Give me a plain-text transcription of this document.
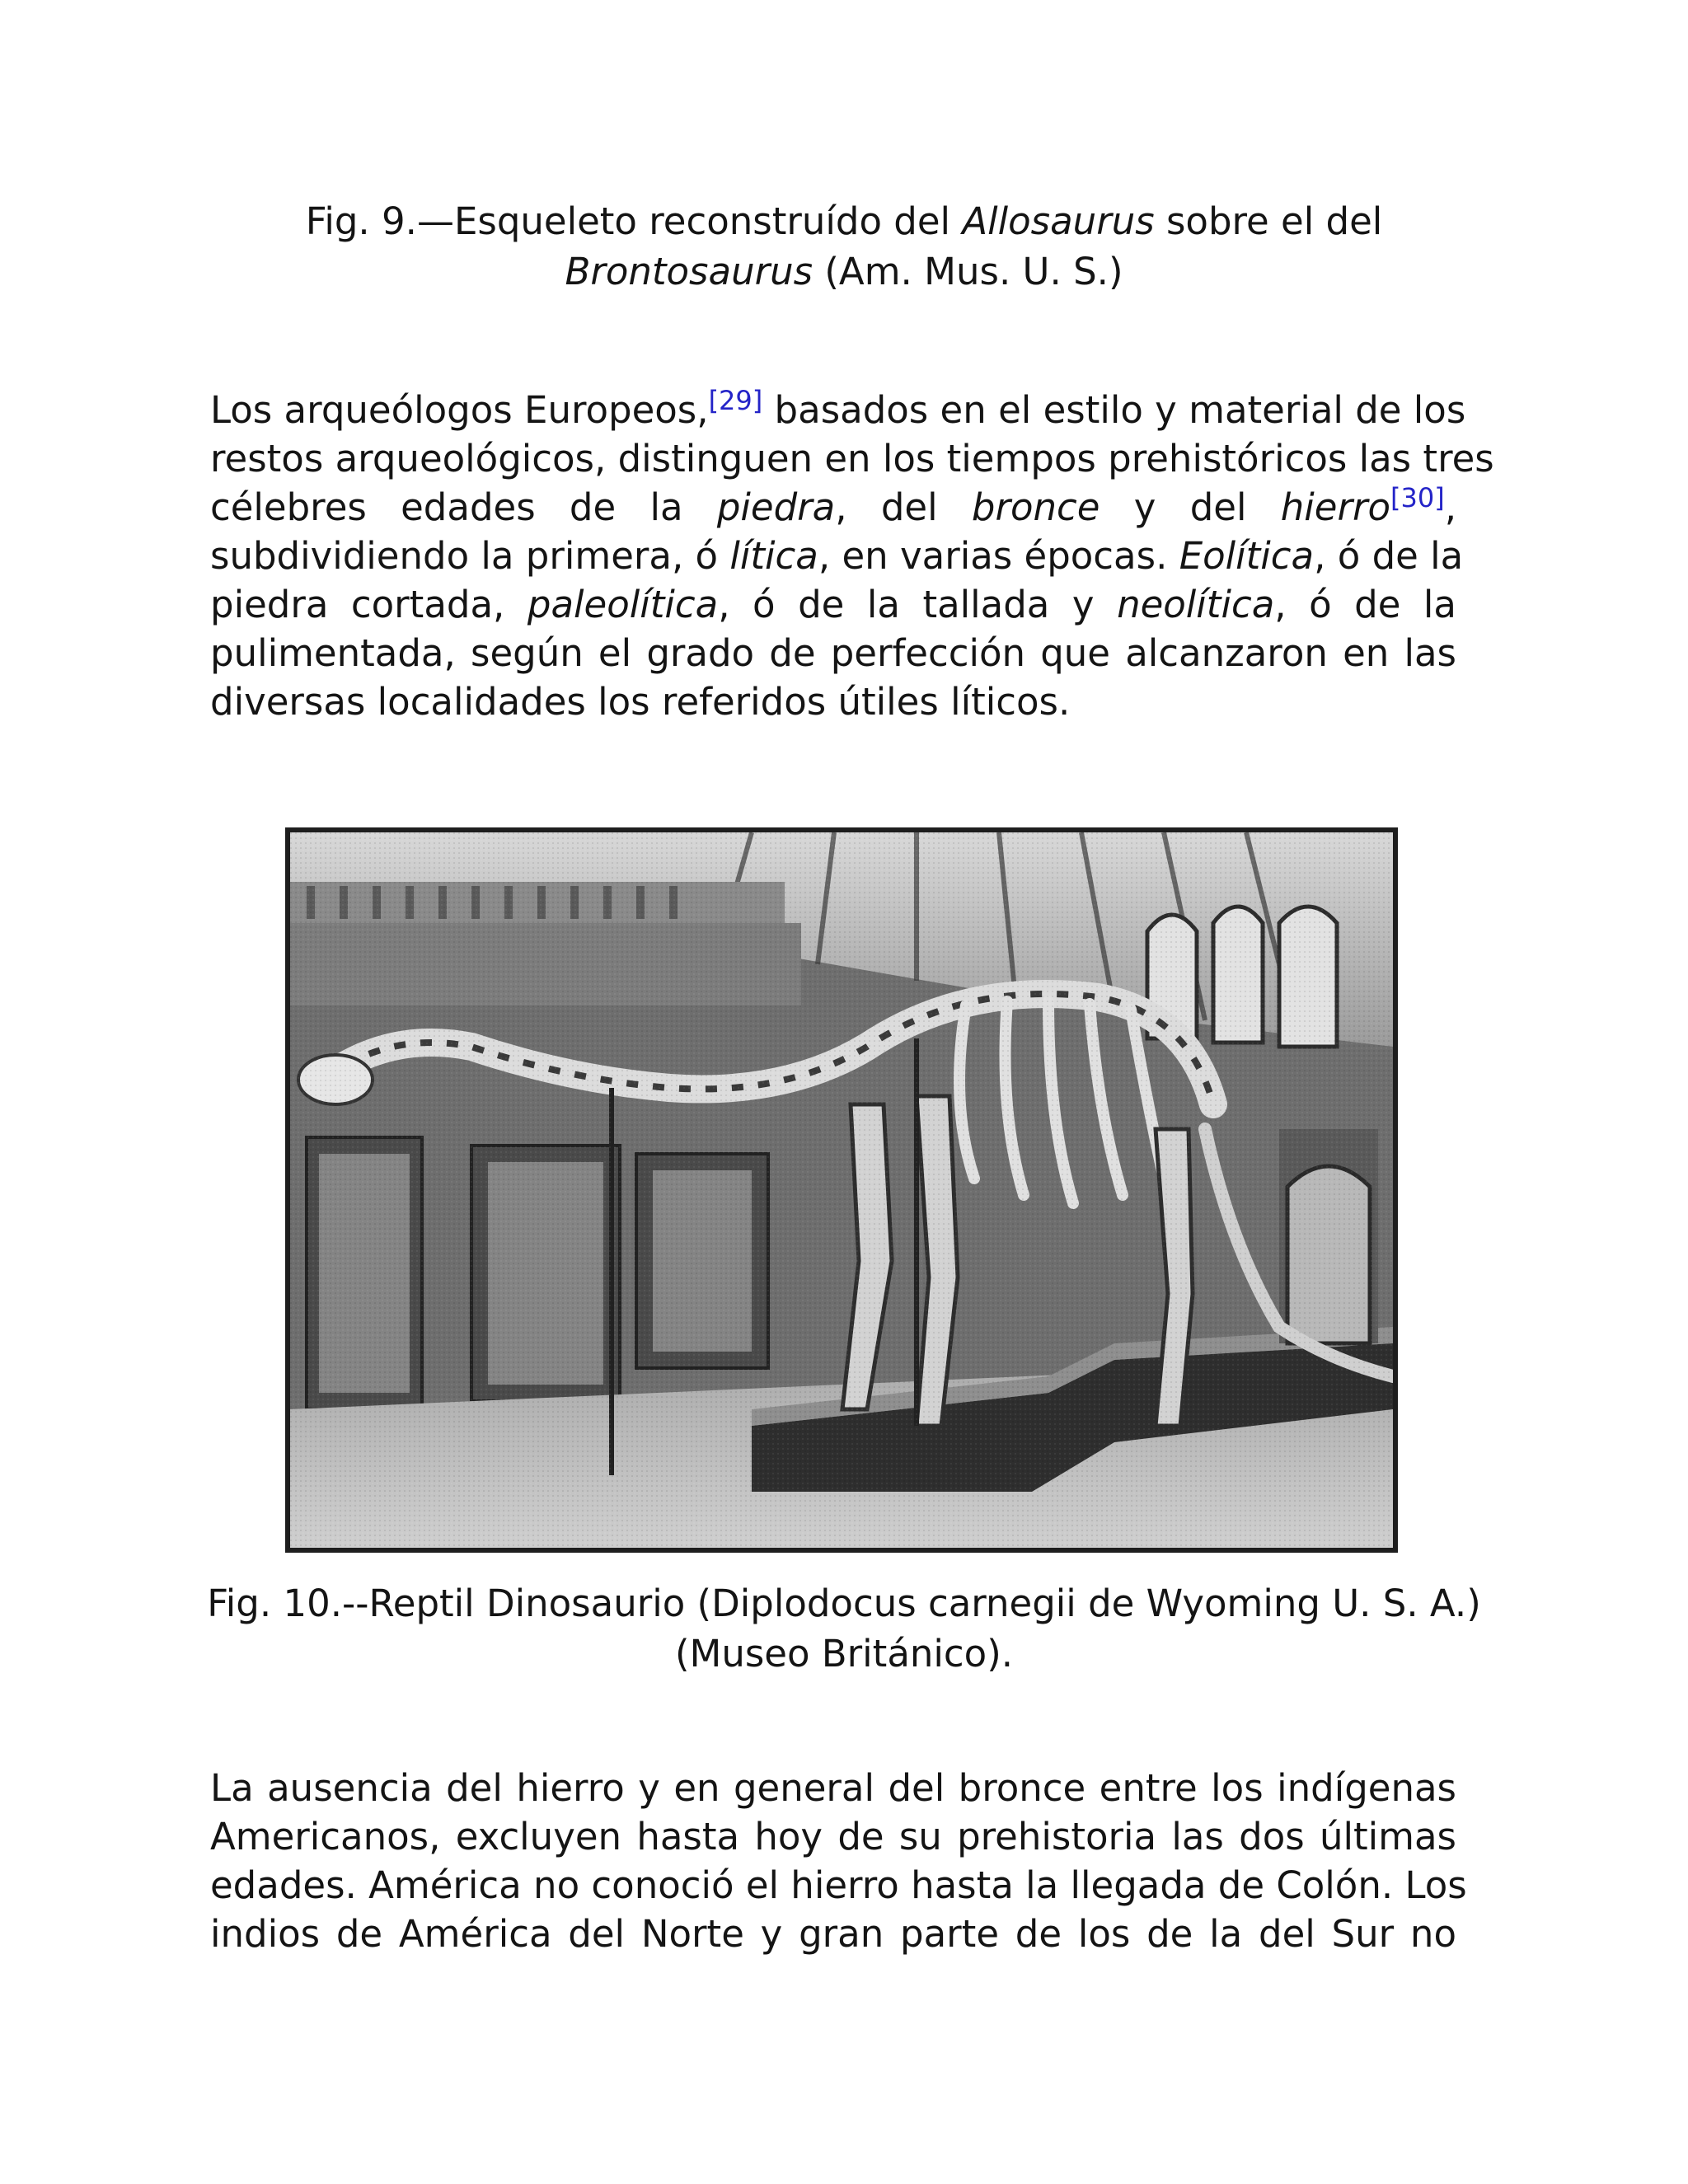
Fig. 9.—Esqueleto reconstruído del Allosaurus sobre el del
Brontosaurus (Am. Mus. U. S.)

Los arqueólogos Europeos,[29] basados en el estilo y material de los
restos arqueológicos, distinguen en los tiempos prehistóricos las tres
célebres edades de la piedra, del bronce y del hierro[30],
subdividiendo la primera, ó lítica, en varias épocas. Eolítica, ó de la
piedra cortada, paleolítica, ó de la tallada y neolítica, ó de la
pulimentada, según el grado de perfección que alcanzaron en las
diversas localidades los referidos útiles líticos.

Fig. 10.--Reptil Dinosaurio (Diplodocus carnegii de Wyoming U. S. A.)
(Museo Británico).

La ausencia del hierro y en general del bronce entre los indígenas
Americanos, excluyen hasta hoy de su prehistoria las dos últimas
edades. América no conoció el hierro hasta la llegada de Colón. Los
indios de América del Norte y gran parte de los de la del Sur no
